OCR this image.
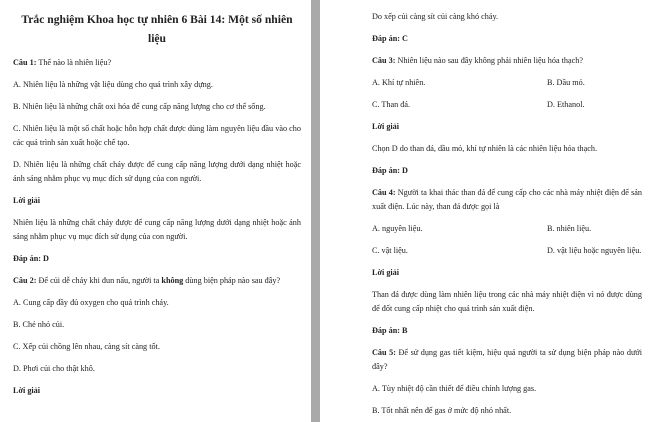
Trắc nghiệm Khoa học tự nhiên 6 Bài 14: Một số nhiên liệu
Câu 1: Thế nào là nhiên liệu?
A. Nhiên liệu là những vật liệu dùng cho quá trình xây dựng.
B. Nhiên liệu là những chất oxi hóa để cung cấp năng lượng cho cơ thể sống.
C. Nhiên liệu là một số chất hoặc hỗn hợp chất được dùng làm nguyên liệu đầu vào cho các quá trình sản xuất hoặc chế tạo.
D. Nhiên liệu là những chất cháy được để cung cấp năng lượng dưới dạng nhiệt hoặc ánh sáng nhằm phục vụ mục đích sử dụng của con người.
Lời giải
Nhiên liệu là những chất cháy được để cung cấp năng lượng dưới dạng nhiệt hoặc ánh sáng nhằm phục vụ mục đích sử dụng của con người.
Đáp án: D
Câu 2: Để củi dễ cháy khi đun nấu, người ta không dùng biện pháp nào sau đây?
A. Cung cấp đầy đủ oxygen cho quá trình cháy.
B. Chẻ nhỏ củi.
C. Xếp củi chồng lên nhau, càng sít càng tốt.
D. Phơi củi cho thật khô.
Lời giải
Do xếp củi càng sít củi càng khó cháy.
Đáp án: C
Câu 3: Nhiên liệu nào sau đây không phải nhiên liệu hóa thạch?
A. Khí tự nhiên.	B. Dầu mỏ.
C. Than đá.	D. Ethanol.
Lời giải
Chọn D do than đá, dầu mỏ, khí tự nhiên là các nhiên liệu hóa thạch.
Đáp án: D
Câu 4: Người ta khai thác than đá để cung cấp cho các nhà máy nhiệt điện để sản xuất điện. Lúc này, than đá được gọi là
A. nguyên liệu.	B. nhiên liệu.
C. vật liệu.	D. vật liệu hoặc nguyên liệu.
Lời giải
Than đá được dùng làm nhiên liệu trong các nhà máy nhiệt điện vì nó được dùng để đốt cung cấp nhiệt cho quá trình sản xuất điện.
Đáp án: B
Câu 5: Để sử dụng gas tiết kiệm, hiệu quả người ta sử dụng biện pháp nào dưới đây?
A. Tùy nhiệt độ cần thiết để điều chỉnh lượng gas.
B. Tốt nhất nên để gas ở mức độ nhỏ nhất.
